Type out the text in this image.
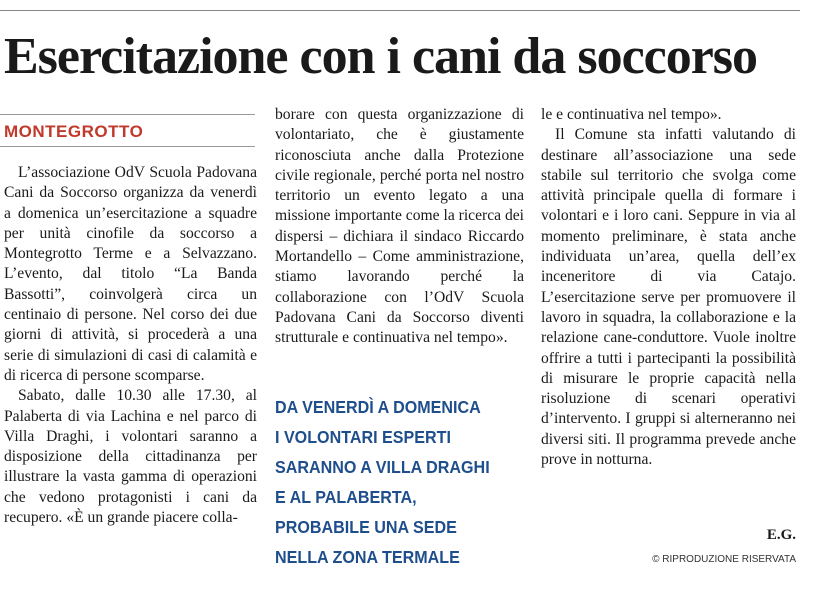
Esercitazione con i cani da soccorso
MONTEGROTTO

L’associazione OdV Scuola Padovana Cani da Soccorso organizza da venerdì a domenica un’esercitazione a squadre per unità cinofile da soccorso a Montegrotto Terme e a Selvazzano. L’evento, dal titolo “La Banda Bassotti”, coinvolgerà circa un centinaio di persone. Nel corso dei due giorni di attività, si procederà a una serie di simulazioni di casi di calamità e di ricerca di persone scomparse.

Sabato, dalle 10.30 alle 17.30, al Palaberta di via Lachina e nel parco di Villa Draghi, i volontari saranno a disposizione della cittadinanza per illustrare la vasta gamma di operazioni che vedono protagonisti i cani da recupero. «È un grande piacere colla-

borare con questa organizzazione di volontariato, che è giustamente riconosciuta anche dalla Protezione civile regionale, perché porta nel nostro territorio un evento legato a una missione importante come la ricerca dei dispersi – dichiara il sindaco Riccardo Mortandello – Come amministrazione, stiamo lavorando perché la collaborazione con l’OdV Scuola Padovana Cani da Soccorso diventi strutturale e continuativa nel tempo».

DA VENERDÌ A DOMENICA
I VOLONTARI ESPERTI
SARANNO A VILLA DRAGHI
E AL PALABERTA,
PROBABILE UNA SEDE
NELLA ZONA TERMALE

le e continuativa nel tempo».

Il Comune sta infatti valutando di destinare all’associazione una sede stabile sul territorio che svolga come attività principale quella di formare i volontari e i loro cani. Seppure in via al momento preliminare, è stata anche individuata un’area, quella dell’ex inceneritore di via Catajo. L’esercitazione serve per promuovere il lavoro in squadra, la collaborazione e la relazione cane-conduttore. Vuole inoltre offrire a tutti i partecipanti la possibilità di misurare le proprie capacità nella risoluzione di scenari operativi d’intervento. I gruppi si alterneranno nei diversi siti. Il programma prevede anche prove in notturna.

E.G.
© RIPRODUZIONE RISERVATA
